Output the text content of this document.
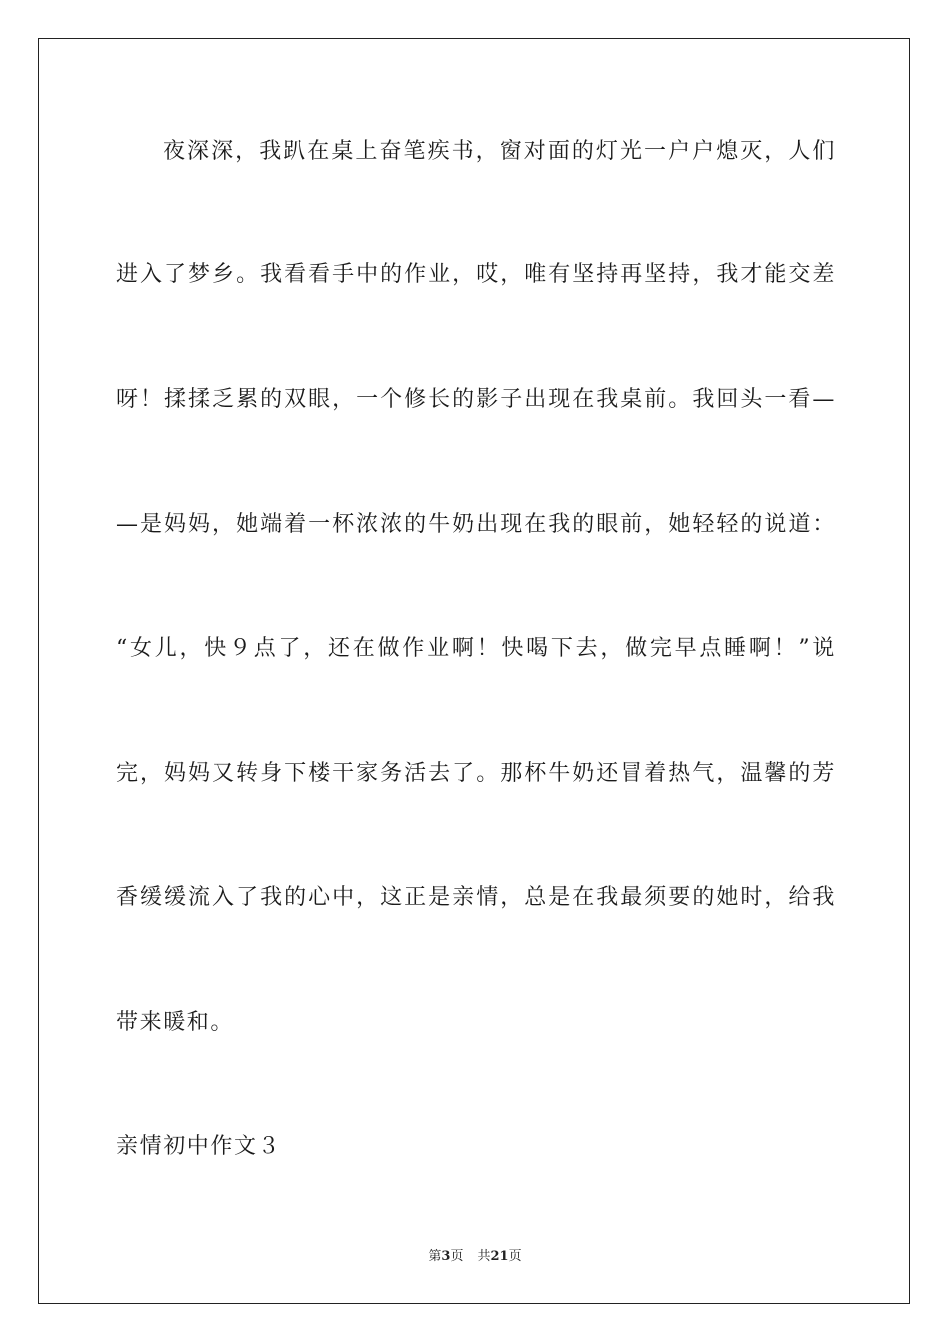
夜深深，我趴在桌上奋笔疾书，窗对面的灯光一户户熄灭，人们
进入了梦乡。我看看手中的作业，哎，唯有坚持再坚持，我才能交差
呀！揉揉乏累的双眼，一个修长的影子出现在我桌前。我回头一看—
—是妈妈，她端着一杯浓浓的牛奶出现在我的眼前，她轻轻的说道：
“女儿，快９点了，还在做作业啊！快喝下去，做完早点睡啊！”说
完，妈妈又转身下楼干家务活去了。那杯牛奶还冒着热气，温馨的芳
香缓缓流入了我的心中，这正是亲情，总是在我最须要的她时，给我
带来暖和。
亲情初中作文３
第3页 共21页
